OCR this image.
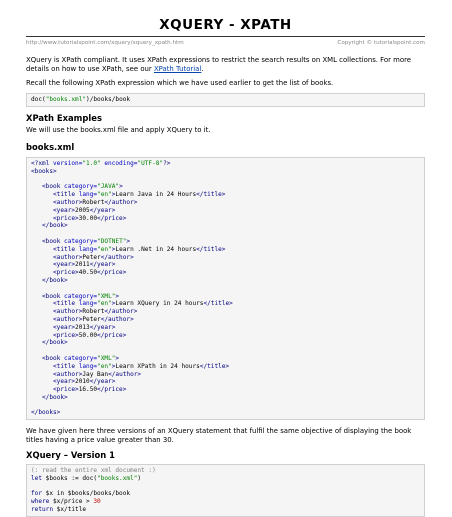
XQUERY - XPATH
http://www.tutorialspoint.com/xquery/xquery_xpath.htm	Copyright © tutorialspoint.com

XQuery is XPath compliant. It uses XPath expressions to restrict the search results on XML collections. For more details on how to use XPath, see our XPath Tutorial.

Recall the following XPath expression which we have used earlier to get the list of books.

doc("books.xml")/books/book
XPath Examples

We will use the books.xml file and apply XQuery to it.

books.xml
<?xml version="1.0" encoding="UTF-8"?>
<books>

<book category="JAVA">
<title lang="en">Learn Java in 24 Hours</title>
<author>Robert</author>
<year>2005</year>
<price>30.00</price>
</book>

<book category="DOTNET">
<title lang="en">Learn .Net in 24 hours</title>
<author>Peter</author>
<year>2011</year>
<price>40.50</price>
</book>

<book category="XML">
<title lang="en">Learn XQuery in 24 hours</title>
<author>Robert</author>
<author>Peter</author>
<year>2013</year>
<price>50.00</price>
</book>

<book category="XML">
<title lang="en">Learn XPath in 24 hours</title>
<author>Jay Ban</author>
<year>2010</year>
<price>16.50</price>
</book>

</books>

We have given here three versions of an XQuery statement that fulfil the same objective of displaying the book titles having a price value greater than 30.

XQuery – Version 1
(: read the entire xml document :)
let $books := doc("books.xml")

for $x in $books/books/book
where $x/price > 30
return $x/title
